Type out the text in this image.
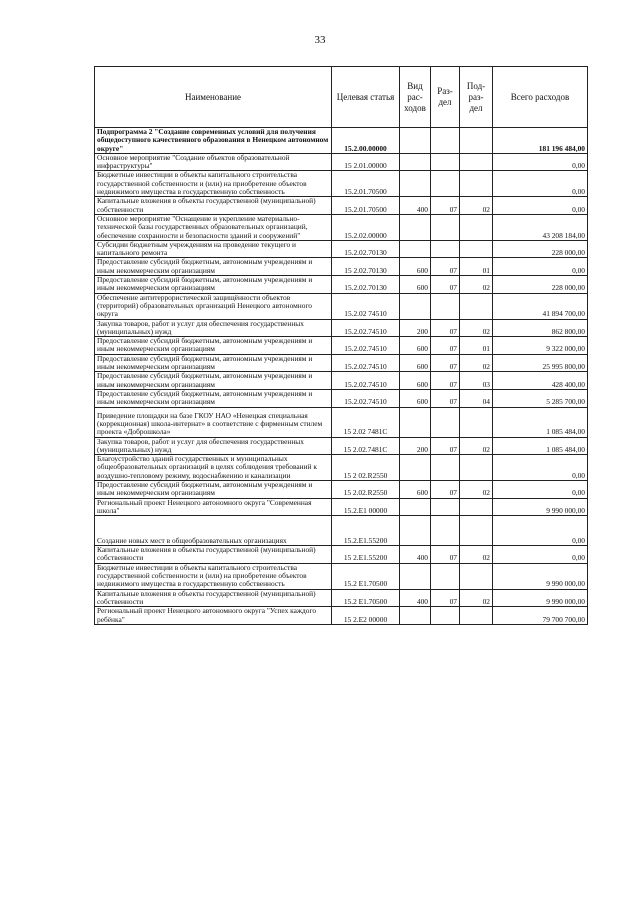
33
Наименование	Целевая статья	Вид рас-ходов	Раз-дел	Под-раз-дел	Всего расходов
Подпрограмма 2 "Создание современных условий для получения общедоступного качественного образования в Ненецком автономном округе"	15.2.00.00000				181 196 484,00
Основное мероприятие "Создание объектов образовательной инфраструктуры"	15 2.01.00000				0,00
Бюджетные инвестиции в объекты капитального строительства государственной собственности и (или) на приобретение объектов недвижимого имущества в государственную собственность	15.2.01.70500				0,00
Капитальные вложения в объекты государственной (муниципальной) собственности	15.2.01.70500	400	07	02	0,00
Основное мероприятие "Оснащение и укрепление материально-технической базы государственных образовательных организаций, обеспечение сохранности и безопасности зданий и сооружений"	15.2.02.00000				43 208 184,00
Субсидии бюджетным учреждениям на проведение текущего и капитального ремонта	15.2.02.70130				228 000,00
Предоставление субсидий бюджетным, автономным учреждениям и иным некоммерческим организациям	15 2.02.70130	600	07	01	0,00
Предоставление субсидий бюджетным, автономным учреждениям и иным некоммерческим организациям	15.2.02.70130	600	07	02	228 000,00
Обеспечение антитеррористической защищённости объектов (территорий) образовательных организаций Ненецкого автономного округа	15.2.02 74510				41 894 700,00
Закупка товаров, работ и услуг для обеспечения государственных (муниципальных) нужд	15.2.02.74510	200	07	02	862 800,00
Предоставление субсидий бюджетным, автономным учреждениям и иным некоммерческим организациям	15.2.02.74510	600	07	01	9 322 000,00
Предоставление субсидий бюджетным, автономным учреждениям и иным некоммерческим организациям	15.2.02.74510	600	07	02	25 995 800,00
Предоставление субсидий бюджетным, автономным учреждениям и иным некоммерческим организациям	15.2.02.74510	600	07	03	428 400,00
Предоставление субсидий бюджетным, автономным учреждениям и иным некоммерческим организациям	15.2.02.74510	600	07	04	5 285 700,00
Приведение площадки на базе ГКОУ НАО «Ненецкая специальная (коррекционная) школа-интернат» в соответствие с фирменным стилем проекта «Доброшкола»	15 2.02 7481С				1 085 484,00
Закупка товаров, работ и услуг для обеспечения государственных (муниципальных) нужд	15 2.02.7481С	200	07	02	1 085 484,00
Благоустройство зданий государственных и муниципальных общеобразовательных организаций в целях соблюдения требований к воздушно-тепловому режиму, водоснабжению и канализации	15 2 02.R2550				0,00
Предоставление субсидий бюджетным, автономным учреждениям и иным некоммерческим организациям	15 2.02.R2550	600	07	02	0,00
Региональный проект Ненецкого автономного округа "Современная школа"	15.2.Е1 00000				9 990 000,00
Создание новых мест в общеобразовательных организациях	15.2.Е1.55200				0,00
Капитальные вложения в объекты государственной (муниципальной) собственности	15 2.Е1.55200	400	07	02	0,00
Бюджетные инвестиции в объекты капитального строительства государственной собственности и (или) на приобретение объектов недвижимого имущества в государственную собственность	15.2 Е1.70500				9 990 000,00
Капитальные вложения в объекты государственной (муниципальной) собственности	15.2 Е1.70500	400	07	02	9 990 000,00
Региональный проект Ненецкого автономного округа "Успех каждого ребёнка"	15 2.Е2 00000				79 700 700,00
